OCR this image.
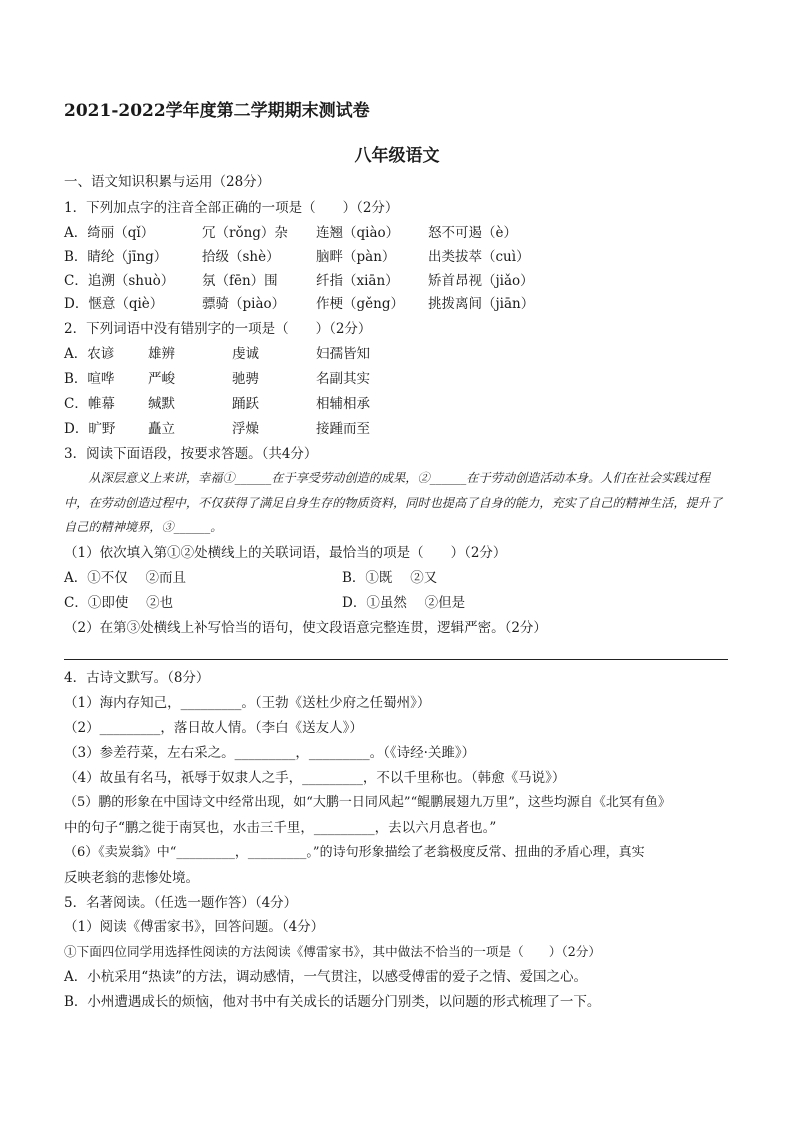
2021-2022学年度第二学期期末测试卷
八年级语文
一、语文知识积累与运用（28分）
1．下列加点字的注音全部正确的一项是（　　）（2分）
A．绮丽（qǐ）	冗（rǒng）杂 连翘（qiào） 怒不可遏（è）
B．睛纶（jīng）	拾级（shè）	脑畔（pàn） 出类拔萃（cuì）
C．追溯（shuò） 氛（fēn）围	纤指（xiān） 矫首昂视（jiǎo）
D．惬意（qiè）	骠骑（piào） 作梗（gěng） 挑拨离间（jiān）
2．下列词语中没有错别字的一项是（　　）（2分）
A．农谚	雄辨	虔诚	妇孺皆知
B．喧哗 严峻	驰骋	名副其实
C．帷幕 缄默	踊跃	相辅相承
D．旷野 矗立	浮燥	接踵而至
3．阅读下面语段，按要求答题。（共4分）
从深层意义上来讲，幸福①______在于享受劳动创造的成果，②______在于劳动创造活动本身。人们在社会实践过程中，在劳动创造过程中，不仅获得了满足自身生存的物质资料，同时也提高了自身的能力，充实了自己的精神生活，提升了自己的精神境界，③______。
（1）依次填入第①②处横线上的关联词语，最恰当的项是（　　）（2分）
A．①不仅　 ②而且	B．①既　 ②又
C．①即使　 ②也	D．①虽然　 ②但是
（2）在第③处横线上补写恰当的语句，使文段语意完整连贯，逻辑严密。（2分）
4．古诗文默写。（8分）
（1）海内存知己，_________。（王勃《送杜少府之任蜀州》）
（2）_________，落日故人情。（李白《送友人》）
（3）参差荇菜，左右采之。_________，_________。（《诗经·关雎》）
（4）故虽有名马，祇辱于奴隶人之手，_________，不以千里称也。（韩愈《马说》）
（5）鹏的形象在中国诗文中经常出现，如“大鹏一日同风起”“鲲鹏展翅九万里”，这些均源自《北冥有鱼》
中的句子“鹏之徙于南冥也，水击三千里，_________，去以六月息者也。”
（6）《卖炭翁》中“_________，_________。”的诗句形象描绘了老翁极度反常、扭曲的矛盾心理，真实
反映老翁的悲惨处境。
5．名著阅读。（任选一题作答）（4分）
（1）阅读《傅雷家书》，回答问题。（4分）
①下面四位同学用选择性阅读的方法阅读《傅雷家书》，其中做法不恰当的一项是（　　）（2分）
A．小杭采用“热读”的方法，调动感情，一气贯注，以感受傅雷的爱子之情、爱国之心。
B．小州遭遇成长的烦恼，他对书中有关成长的话题分门别类，以问题的形式梳理了一下。
